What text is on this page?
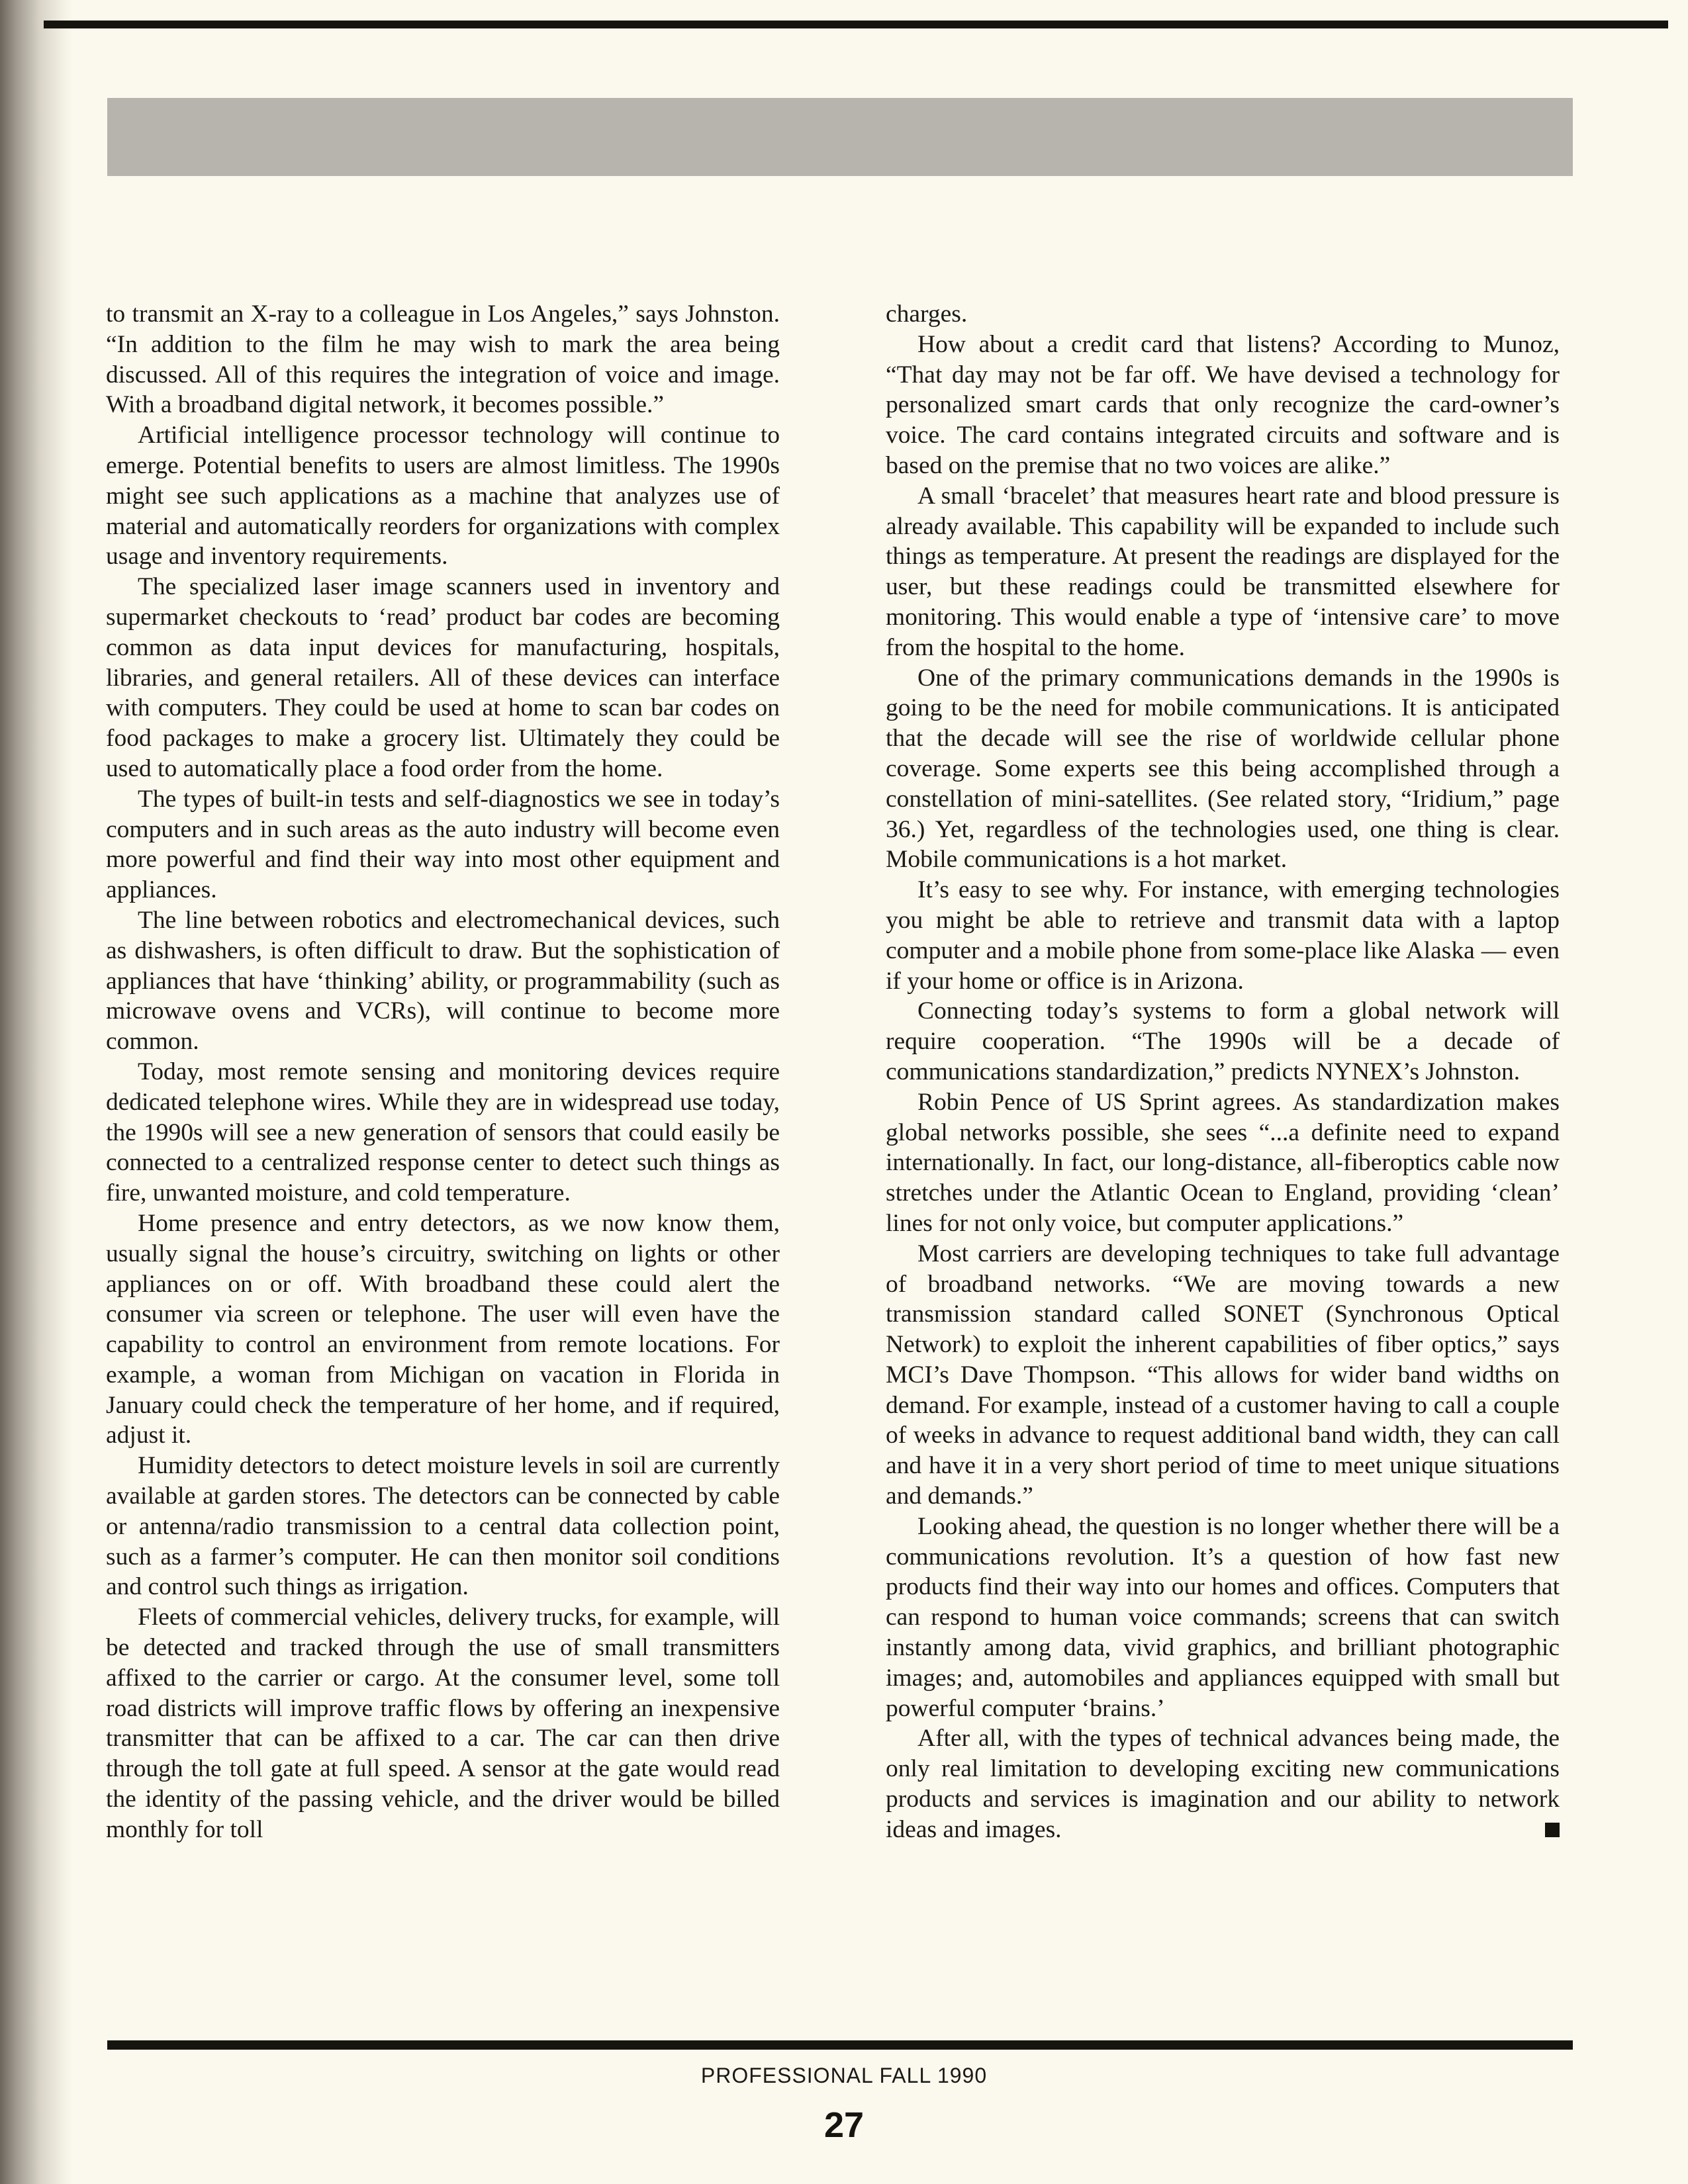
to transmit an X-ray to a colleague in Los Angeles,” says Johnston. “In addition to the film he may wish to mark the area being discussed. All of this requires the integration of voice and image. With a broadband digital network, it becomes possible.”

Artificial intelligence processor technology will continue to emerge. Potential benefits to users are almost limitless. The 1990s might see such applications as a machine that analyzes use of material and automatically reorders for organizations with complex usage and inventory requirements.

The specialized laser image scanners used in inventory and supermarket checkouts to ‘read’ product bar codes are becoming common as data input devices for manufacturing, hospitals, libraries, and general retailers. All of these devices can interface with computers. They could be used at home to scan bar codes on food packages to make a grocery list. Ultimately they could be used to automatically place a food order from the home.

The types of built-in tests and self-diagnostics we see in today’s computers and in such areas as the auto industry will become even more powerful and find their way into most other equipment and appliances.

The line between robotics and electromechanical devices, such as dishwashers, is often difficult to draw. But the sophistication of appliances that have ‘thinking’ ability, or programmability (such as microwave ovens and VCRs), will continue to become more common.

Today, most remote sensing and monitoring devices require dedicated telephone wires. While they are in widespread use today, the 1990s will see a new generation of sensors that could easily be connected to a centralized response center to detect such things as fire, unwanted moisture, and cold temperature.

Home presence and entry detectors, as we now know them, usually signal the house’s circuitry, switching on lights or other appliances on or off. With broadband these could alert the consumer via screen or telephone. The user will even have the capability to control an environment from remote locations. For example, a woman from Michigan on vacation in Florida in January could check the temperature of her home, and if required, adjust it.

Humidity detectors to detect moisture levels in soil are currently available at garden stores. The detectors can be connected by cable or antenna/radio transmission to a central data collection point, such as a farmer’s computer. He can then monitor soil conditions and control such things as irrigation.

Fleets of commercial vehicles, delivery trucks, for example, will be detected and tracked through the use of small transmitters affixed to the carrier or cargo. At the consumer level, some toll road districts will improve traffic flows by offering an inexpensive transmitter that can be affixed to a car. The car can then drive through the toll gate at full speed. A sensor at the gate would read the identity of the passing vehicle, and the driver would be billed monthly for toll

charges.

How about a credit card that listens? According to Munoz, “That day may not be far off. We have devised a technology for personalized smart cards that only recognize the card-owner’s voice. The card contains integrated circuits and software and is based on the premise that no two voices are alike.”

A small ‘bracelet’ that measures heart rate and blood pressure is already available. This capability will be expanded to include such things as temperature. At present the readings are displayed for the user, but these readings could be transmitted elsewhere for monitoring. This would enable a type of ‘intensive care’ to move from the hospital to the home.

One of the primary communications demands in the 1990s is going to be the need for mobile communications. It is anticipated that the decade will see the rise of worldwide cellular phone coverage. Some experts see this being accomplished through a constellation of mini-satellites. (See related story, “Iridium,” page 36.) Yet, regardless of the technologies used, one thing is clear. Mobile communications is a hot market.

It’s easy to see why. For instance, with emerging technologies you might be able to retrieve and transmit data with a laptop computer and a mobile phone from some-place like Alaska — even if your home or office is in Arizona.

Connecting today’s systems to form a global network will require cooperation. “The 1990s will be a decade of communications standardization,” predicts NYNEX’s Johnston.

Robin Pence of US Sprint agrees. As standardization makes global networks possible, she sees “...a definite need to expand internationally. In fact, our long-distance, all-fiberoptics cable now stretches under the Atlantic Ocean to England, providing ‘clean’ lines for not only voice, but computer applications.”

Most carriers are developing techniques to take full advantage of broadband networks. “We are moving towards a new transmission standard called SONET (Synchronous Optical Network) to exploit the inherent capabilities of fiber optics,” says MCI’s Dave Thompson. “This allows for wider band widths on demand. For example, instead of a customer having to call a couple of weeks in advance to request additional band width, they can call and have it in a very short period of time to meet unique situations and demands.”

Looking ahead, the question is no longer whether there will be a communications revolution. It’s a question of how fast new products find their way into our homes and offices. Computers that can respond to human voice commands; screens that can switch instantly among data, vivid graphics, and brilliant photographic images; and, automobiles and appliances equipped with small but powerful computer ‘brains.’

After all, with the types of technical advances being made, the only real limitation to developing exciting new communications products and services is imagination and our ability to network ideas and images.

PROFESSIONAL FALL 1990
27
